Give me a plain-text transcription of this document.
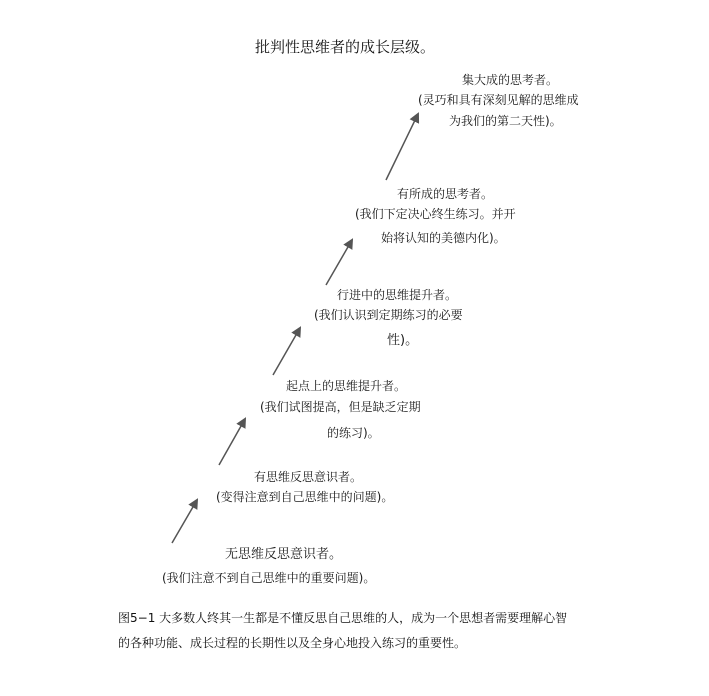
批判性思维者的成长层级。
集大成的思考者。
(灵巧和具有深刻见解的思维成
为我们的第二天性)。
有所成的思考者。
(我们下定决心终生练习。并开
始将认知的美德内化)。
行进中的思维提升者。
(我们认识到定期练习的必要
性)。
起点上的思维提升者。
(我们试图提高，但是缺乏定期
的练习)。
有思维反思意识者。
(变得注意到自己思维中的问题)。
无思维反思意识者。
(我们注意不到自己思维中的重要问题)。
图5−1 大多数人终其一生都是不懂反思自己思维的人，成为一个思想者需要理解心智
的各种功能、成长过程的长期性以及全身心地投入练习的重要性。
